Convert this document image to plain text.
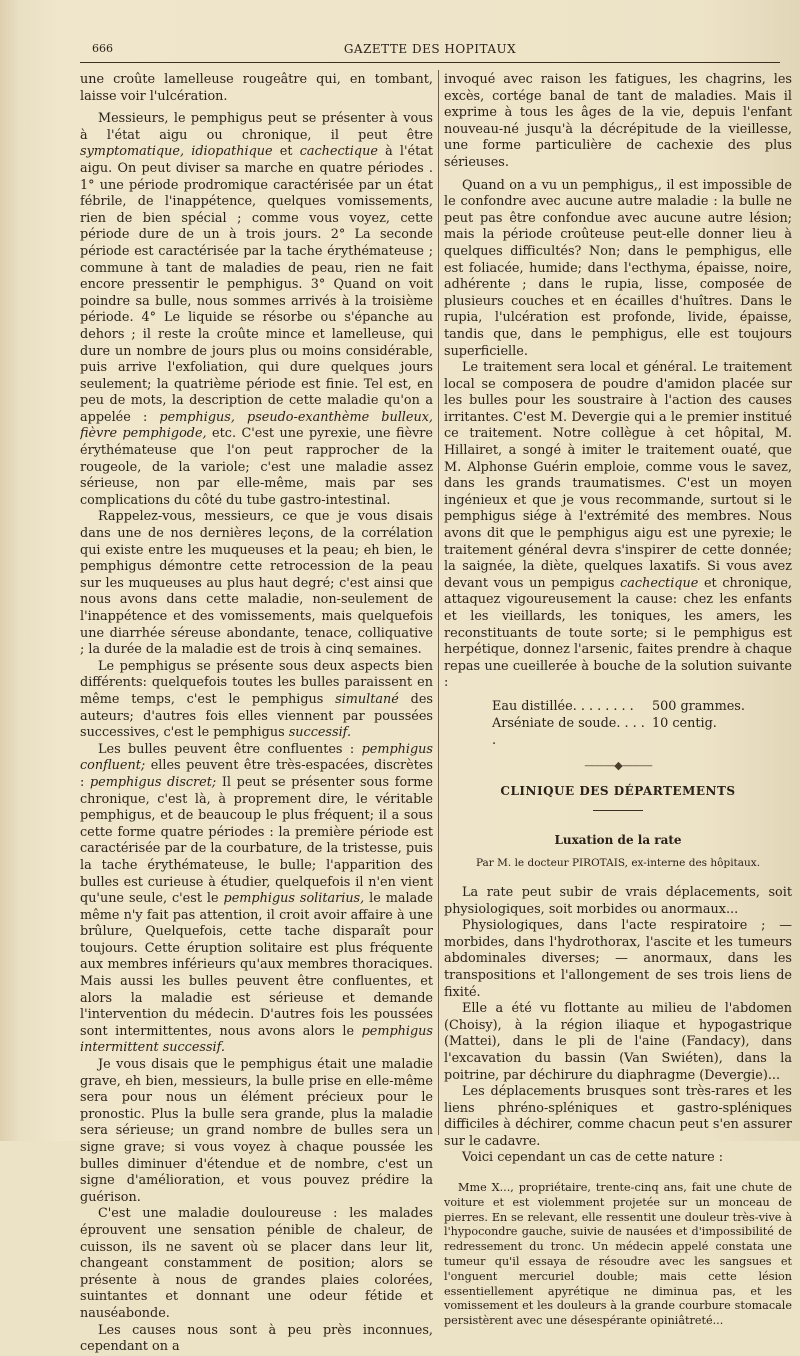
666	GAZETTE DES HOPITAUX

une croûte lamelleuse rougeâtre qui, en tombant, laisse voir l'ulcération.

Messieurs, le pemphigus peut se présenter à vous à l'état aigu ou chronique, il peut être symptomatique, idiopathique et cachectique à l'état aigu. On peut diviser sa marche en quatre périodes . 1° une période prodromique caractérisée par un état fébrile, de l'inappétence, quelques vomissements, rien de bien spécial ; comme vous voyez, cette période dure de un à trois jours. 2° La seconde période est caractérisée par la tache érythémateuse ; commune à tant de maladies de peau, rien ne fait encore pressentir le pemphigus. 3° Quand on voit poindre sa bulle, nous sommes arrivés à la troisième période. 4° Le liquide se résorbe ou s'épanche au dehors ; il reste la croûte mince et lamelleuse, qui dure un nombre de jours plus ou moins considérable, puis arrive l'exfoliation, qui dure quelques jours seulement; la quatrième période est finie. Tel est, en peu de mots, la description de cette maladie qu'on a appelée : pemphigus, pseudo-exanthème bulleux, fièvre pemphigode, etc. C'est une pyrexie, une fièvre érythémateuse que l'on peut rapprocher de la rougeole, de la variole; c'est une maladie assez sérieuse, non par elle-même, mais par ses complications du côté du tube gastro-intestinal.

Rappelez-vous, messieurs, ce que je vous disais dans une de nos dernières leçons, de la corrélation qui existe entre les muqueuses et la peau; eh bien, le pemphigus démontre cette retrocession de la peau sur les muqueuses au plus haut degré; c'est ainsi que nous avons dans cette maladie, non-seulement de l'inappétence et des vomissements, mais quelquefois une diarrhée séreuse abondante, tenace, colliquative ; la durée de la maladie est de trois à cinq semaines.

Le pemphigus se présente sous deux aspects bien différents: quelquefois toutes les bulles paraissent en même temps, c'est le pemphigus simultané des auteurs; d'autres fois elles viennent par poussées successives, c'est le pemphigus successif.

Les bulles peuvent être confluentes : pemphigus confluent; elles peuvent être très-espacées, discrètes : pemphigus discret; Il peut se présenter sous forme chronique, c'est là, à proprement dire, le véritable pemphigus, et de beaucoup le plus fréquent; il a sous cette forme quatre périodes : la première période est caractérisée par de la courbature, de la tristesse, puis la tache érythémateuse, le bulle; l'apparition des bulles est curieuse à étudier, quelquefois il n'en vient qu'une seule, c'est le pemphigus solitarius, le malade même n'y fait pas attention, il croit avoir affaire à une brûlure, Quelquefois, cette tache disparaît pour toujours. Cette éruption solitaire est plus fréquente aux membres inférieurs qu'aux membres thoraciques. Mais aussi les bulles peuvent être confluentes, et alors la maladie est sérieuse et demande l'intervention du médecin. D'autres fois les poussées sont intermittentes, nous avons alors le pemphigus intermittent successif.

Je vous disais que le pemphigus était une maladie grave, eh bien, messieurs, la bulle prise en elle-même sera pour nous un élément précieux pour le pronostic. Plus la bulle sera grande, plus la maladie sera sérieuse; un grand nombre de bulles sera un signe grave; si vous voyez à chaque poussée les bulles diminuer d'étendue et de nombre, c'est un signe d'amélioration, et vous pouvez prédire la guérison.

C'est une maladie douloureuse : les malades éprouvent une sensation pénible de chaleur, de cuisson, ils ne savent où se placer dans leur lit, changeant constamment de position; alors se présente à nous de grandes plaies colorées, suintantes et donnant une odeur fétide et nauséabonde.

Les causes nous sont à peu près inconnues, cependant on a

invoqué avec raison les fatigues, les chagrins, les excès, cortége banal de tant de maladies. Mais il exprime à tous les âges de la vie, depuis l'enfant nouveau-né jusqu'à la décrépitude de la vieillesse, une forme particulière de cachexie des plus sérieuses.

Quand on a vu un pemphigus,, il est impossible de le confondre avec aucune autre maladie : la bulle ne peut pas être confondue avec aucune autre lésion; mais la période croûteuse peut-elle donner lieu à quelques difficultés? Non; dans le pemphigus, elle est foliacée, humide; dans l'ecthyma, épaisse, noire, adhérente ; dans le rupia, lisse, composée de plusieurs couches et en écailles d'huîtres. Dans le rupia, l'ulcération est profonde, livide, épaisse, tandis que, dans le pemphigus, elle est toujours superficielle.

Le traitement sera local et général. Le traitement local se composera de poudre d'amidon placée sur les bulles pour les soustraire à l'action des causes irritantes. C'est M. Devergie qui a le premier institué ce traitement. Notre collègue à cet hôpital, M. Hillairet, a songé à imiter le traitement ouaté, que M. Alphonse Guérin emploie, comme vous le savez, dans les grands traumatismes. C'est un moyen ingénieux et que je vous recommande, surtout si le pemphigus siége à l'extrémité des membres. Nous avons dit que le pemphigus aigu est une pyrexie; le traitement général devra s'inspirer de cette donnée; la saignée, la diète, quelques laxatifs. Si vous avez devant vous un pempigus cachectique et chronique, attaquez vigoureusement la cause: chez les enfants et les vieillards, les toniques, les amers, les reconstituants de toute sorte; si le pemphigus est herpétique, donnez l'arsenic, faites prendre à chaque repas une cueillerée à bouche de la solution suivante :

Eau distillée. . . . . . . .	500 grammes.
Arséniate de soude. . . . .
10 centig.
———◆———
CLINIQUE DES DÉPARTEMENTS
Luxation de la rate
Par M. le docteur PIROTAIS, ex-interne des hôpitaux.

La rate peut subir de vrais déplacements, soit physiologiques, soit morbides ou anormaux...

Physiologiques, dans l'acte respiratoire ; — morbides, dans l'hydrothorax, l'ascite et les tumeurs abdominales diverses; — anormaux, dans les transpositions et l'allongement de ses trois liens de fixité.

Elle a été vu flottante au milieu de l'abdomen (Choisy), à la région iliaque et hypogastrique (Mattei), dans le pli de l'aine (Fandacy), dans l'excavation du bassin (Van Swiéten), dans la poitrine, par déchirure du diaphragme (Devergie)...

Les déplacements brusques sont très-rares et les liens phréno-spléniques et gastro-spléniques difficiles à déchirer, comme chacun peut s'en assurer sur le cadavre.

Voici cependant un cas de cette nature :

Mme X..., propriétaire, trente-cinq ans, fait une chute de voiture et est violemment projetée sur un monceau de pierres. En se relevant, elle ressentit une douleur très-vive à l'hypocondre gauche, suivie de nausées et d'impossibilité de redressement du tronc. Un médecin appelé constata une tumeur qu'il essaya de résoudre avec les sangsues et l'onguent mercuriel double; mais cette lésion essentiellement apyrétique ne diminua pas, et les vomissement et les douleurs à la grande courbure stomacale persistèrent avec une désespérante opiniâtreté...
